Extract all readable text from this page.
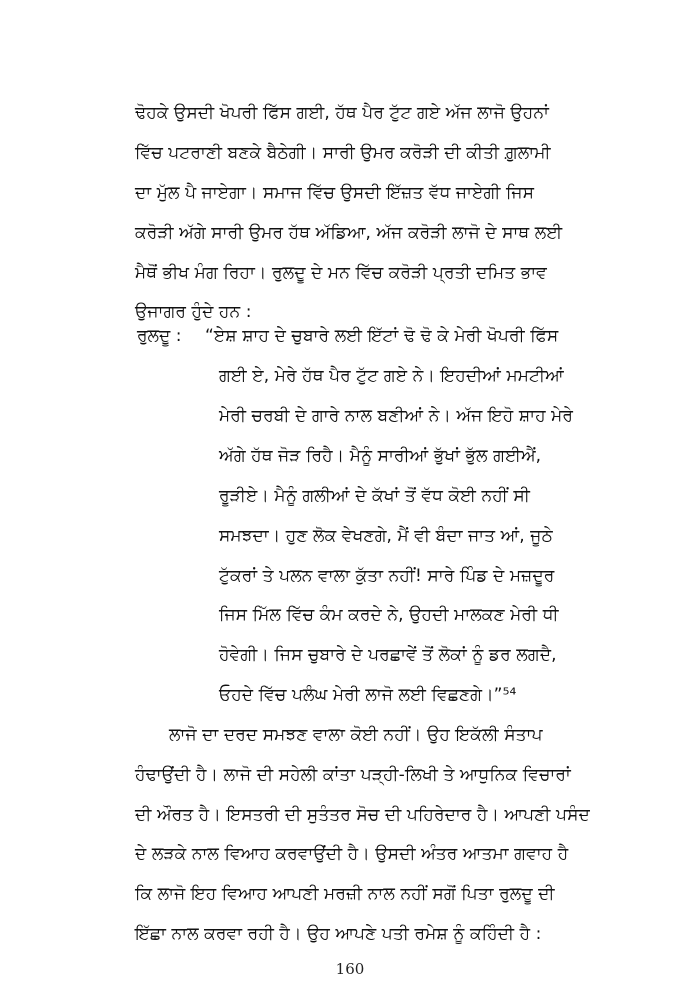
ਢੋਹਕੇ ਉਸਦੀ ਖੋਪਰੀ ਫਿੱਸ ਗਈ, ਹੱਥ ਪੈਰ ਟੁੱਟ ਗਏ ਅੱਜ ਲਾਜੋ ਉਹਨਾਂ
ਵਿੱਚ ਪਟਰਾਣੀ ਬਣਕੇ ਬੈਠੇਗੀ। ਸਾਰੀ ਉਮਰ ਕਰੋੜੀ ਦੀ ਕੀਤੀ ਗ਼ੁਲਾਮੀ
ਦਾ ਮੁੱਲ ਪੈ ਜਾਏਗਾ। ਸਮਾਜ ਵਿੱਚ ਉਸਦੀ ਇੱਜ਼ਤ ਵੱਧ ਜਾਏਗੀ ਜਿਸ
ਕਰੋੜੀ ਅੱਗੇ ਸਾਰੀ ਉਮਰ ਹੱਥ ਅੱਡਿਆ, ਅੱਜ ਕਰੋੜੀ ਲਾਜੋ ਦੇ ਸਾਥ ਲਈ
ਮੈਥੋਂ ਭੀਖ ਮੰਗ ਰਿਹਾ। ਰੁਲਦੂ ਦੇ ਮਨ ਵਿੱਚ ਕਰੋੜੀ ਪ੍ਰਤੀ ਦਮਿਤ ਭਾਵ
ਉਜਾਗਰ ਹੁੰਦੇ ਹਨ :
ਰੁਲਦੂ : “ਏਸ਼ ਸ਼ਾਹ ਦੇ ਚੁਬਾਰੇ ਲਈ ਇੱਟਾਂ ਢੋ ਢੋ ਕੇ ਮੇਰੀ ਖੋਪਰੀ ਫਿੱਸ
ਗਈ ਏ, ਮੇਰੇ ਹੱਥ ਪੈਰ ਟੁੱਟ ਗਏ ਨੇ। ਇਹਦੀਆਂ ਮਮਟੀਆਂ
ਮੇਰੀ ਚਰਬੀ ਦੇ ਗਾਰੇ ਨਾਲ ਬਣੀਆਂ ਨੇ। ਅੱਜ ਇਹੋ ਸ਼ਾਹ ਮੇਰੇ
ਅੱਗੇ ਹੱਥ ਜੋੜ ਰਿਹੈ। ਮੈਨੂੰ ਸਾਰੀਆਂ ਭੁੱਖਾਂ ਭੁੱਲ ਗਈਐਂ,
ਰੂੜੀਏ। ਮੈਨੂੰ ਗਲੀਆਂ ਦੇ ਕੱਖਾਂ ਤੋਂ ਵੱਧ ਕੋਈ ਨਹੀਂ ਸੀ
ਸਮਝਦਾ। ਹੁਣ ਲੋਕ ਵੇਖਣਗੇ, ਮੈਂ ਵੀ ਬੰਦਾ ਜਾਤ ਆਂ, ਜੂਠੇ
ਟੁੱਕਰਾਂ ਤੇ ਪਲਨ ਵਾਲਾ ਕੁੱਤਾ ਨਹੀਂ! ਸਾਰੇ ਪਿੰਡ ਦੇ ਮਜ਼ਦੂਰ
ਜਿਸ ਮਿੱਲ ਵਿੱਚ ਕੰਮ ਕਰਦੇ ਨੇ, ਉਹਦੀ ਮਾਲਕਣ ਮੇਰੀ ਧੀ
ਹੋਵੇਗੀ। ਜਿਸ ਚੁਬਾਰੇ ਦੇ ਪਰਛਾਵੇਂ ਤੋਂ ਲੋਕਾਂ ਨੂੰ ਡਰ ਲਗਦੈ,
ਓਹਦੇ ਵਿੱਚ ਪਲੰਘ ਮੇਰੀ ਲਾਜੋ ਲਈ ਵਿਛਣਗੇ।”⁵⁴
ਲਾਜੋ ਦਾ ਦਰਦ ਸਮਝਣ ਵਾਲਾ ਕੋਈ ਨਹੀਂ। ਉਹ ਇਕੱਲੀ ਸੰਤਾਪ
ਹੰਢਾਉਂਦੀ ਹੈ। ਲਾਜੋ ਦੀ ਸਹੇਲੀ ਕਾਂਤਾ ਪੜ੍ਹੀ-ਲਿਖੀ ਤੇ ਆਧੁਨਿਕ ਵਿਚਾਰਾਂ
ਦੀ ਔਰਤ ਹੈ। ਇਸਤਰੀ ਦੀ ਸੁਤੰਤਰ ਸੋਚ ਦੀ ਪਹਿਰੇਦਾਰ ਹੈ। ਆਪਣੀ ਪਸੰਦ
ਦੇ ਲੜਕੇ ਨਾਲ ਵਿਆਹ ਕਰਵਾਉਂਦੀ ਹੈ। ਉਸਦੀ ਅੰਤਰ ਆਤਮਾ ਗਵਾਹ ਹੈ
ਕਿ ਲਾਜੋ ਇਹ ਵਿਆਹ ਆਪਣੀ ਮਰਜ਼ੀ ਨਾਲ ਨਹੀਂ ਸਗੋਂ ਪਿਤਾ ਰੁਲਦੂ ਦੀ
ਇੱਛਾ ਨਾਲ ਕਰਵਾ ਰਹੀ ਹੈ। ਉਹ ਆਪਣੇ ਪਤੀ ਰਮੇਸ਼ ਨੂੰ ਕਹਿੰਦੀ ਹੈ :
160
